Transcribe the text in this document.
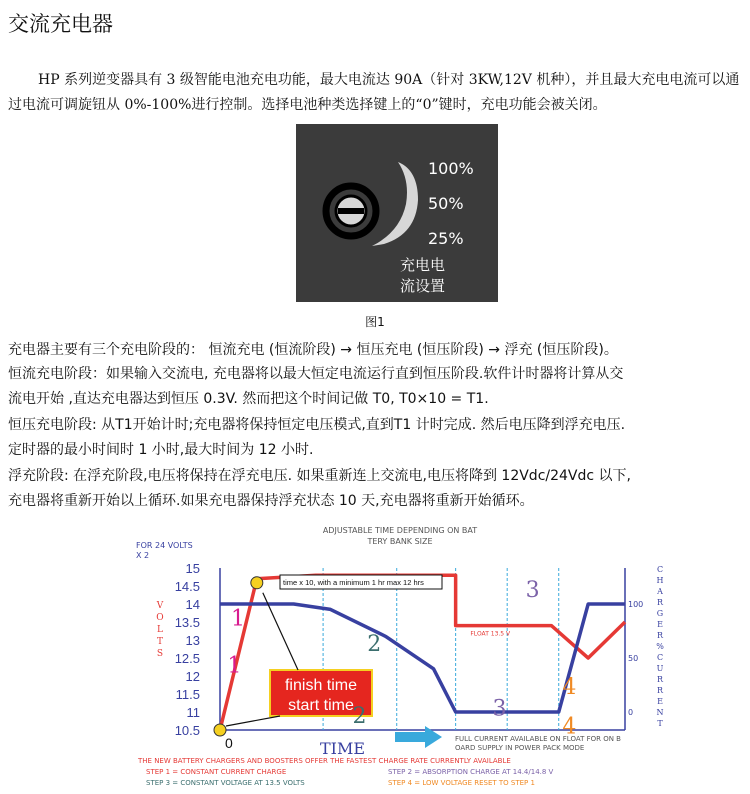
交流充电器

HP 系列逆变器具有 3 级智能电池充电功能，最大电流达 90A（针对 3KW,12V 机种），并且最大充电电流可以通过电流可调旋钮从 0%-100%进行控制。选择电池种类选择键上的“0”键时，充电功能会被关闭。

100%
50%
25%
充电电
流设置
图1
充电器主要有三个充电阶段的： 恒流充电 (恒流阶段) → 恒压充电 (恒压阶段) → 浮充 (恒压阶段)。
恒流充电阶段：如果输入交流电, 充电器将以最大恒定电流运行直到恒压阶段.软件计时器将计算从交
流电开始 ,直达充电器达到恒压 0.3V. 然而把这个时间记做 T0, T0×10 = T1.
恒压充电阶段: 从T1开始计时;充电器将保持恒定电压模式,直到T1 计时完成. 然后电压降到浮充电压.
定时器的最小时间时 1 小时,最大时间为 12 小时.
浮充阶段: 在浮充阶段,电压将保持在浮充电压. 如果重新连上交流电,电压将降到 12Vdc/24Vdc 以下,
充电器将重新开始以上循环.如果充电器保持浮充状态 10 天,充电器将重新开始循环。
ADJUSTABLE TIME DEPENDING ON BAT
TERY BANK SIZE
FOR 24 VOLTS
X 2
15
14.5
14
13.5
13
12.5
12
11.5
11
10.5
V
O
L
T
S
C
H
A
R
G
E
R
%
C
U
R
R
E
N
T
100
50
0
0
time x 10, with a minimum 1 hr max 12 hrs
FLOAT 13.5 V
finish time
start time
1
1
2
2
3
3
4
4
TIME	FULL CURRENT AVAILABLE ON FLOAT FOR ON B
OARD SUPPLY IN POWER PACK MODE
THE NEW BATTERY CHARGERS AND BOOSTERS OFFER THE FASTEST CHARGE RATE CURRENTLY AVAILABLE
STEP 1 = CONSTANT CURRENT CHARGE	STEP 2 = ABSORPTION CHARGE AT 14.4/14.8 V
STEP 3 = CONSTANT VOLTAGE AT 13.5 VOLTS	STEP 4 = LOW VOLTAGE RESET TO STEP 1
